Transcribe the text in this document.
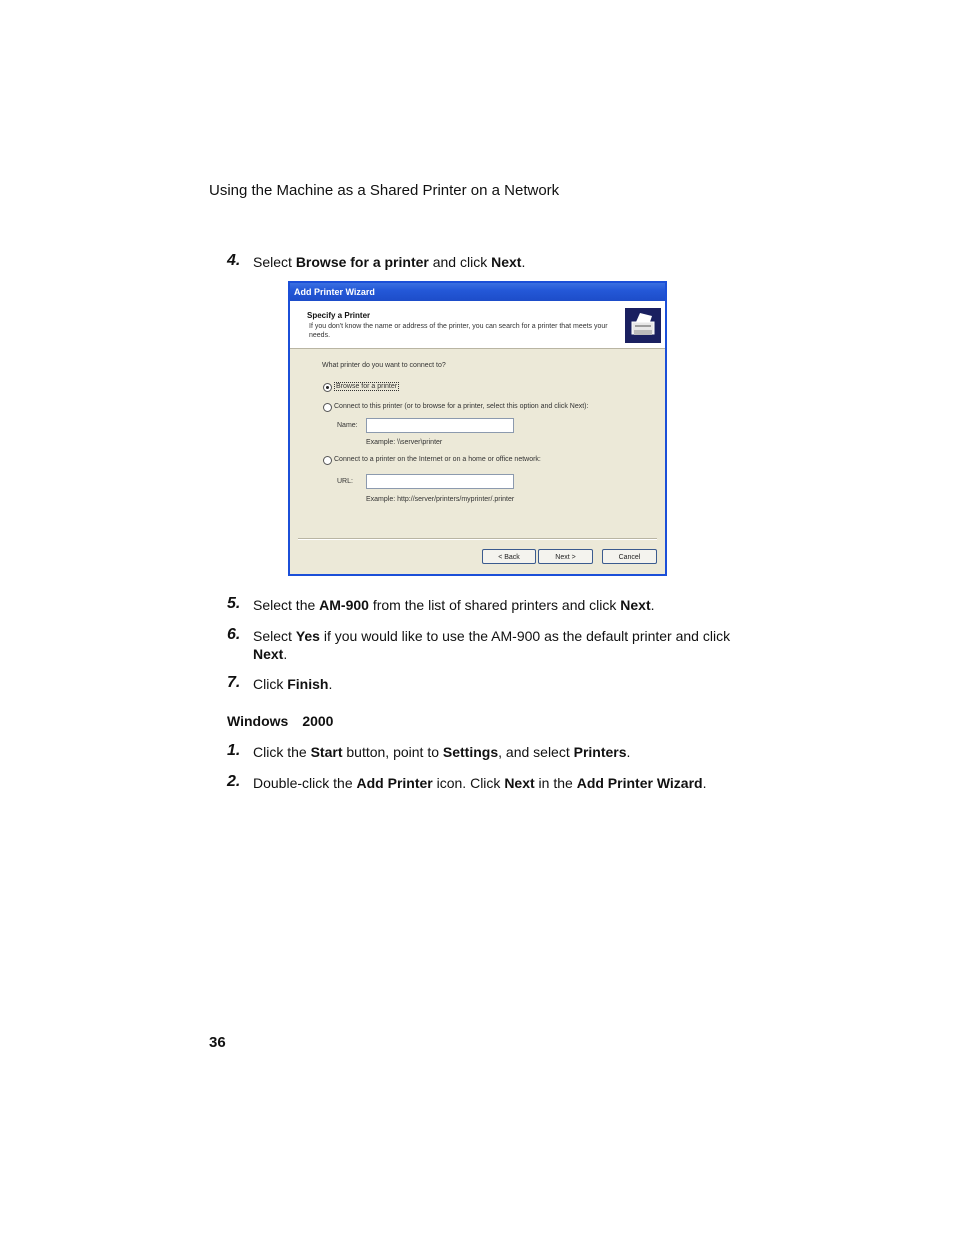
Using the Machine as a Shared Printer on a Network
4. Select Browse for a printer and click Next.
Add Printer Wizard
Specify a Printer
If you don't know the name or address of the printer, you can search for a printer that meets your needs.
What printer do you want to connect to?
Browse for a printer
Connect to this printer (or to browse for a printer, select this option and click Next):
Name:
Example: \\server\printer
Connect to a printer on the Internet or on a home or office network:
URL:
Example: http://server/printers/myprinter/.printer
< Back	Next >	Cancel
5. Select the AM-900 from the list of shared printers and click Next.
6. Select Yes if you would like to use the AM-900 as the default printer and click
Next.
7. Click Finish.
Windows 2000
1. Click the Start button, point to Settings, and select Printers.
2. Double-click the Add Printer icon. Click Next in the Add Printer Wizard.
36
